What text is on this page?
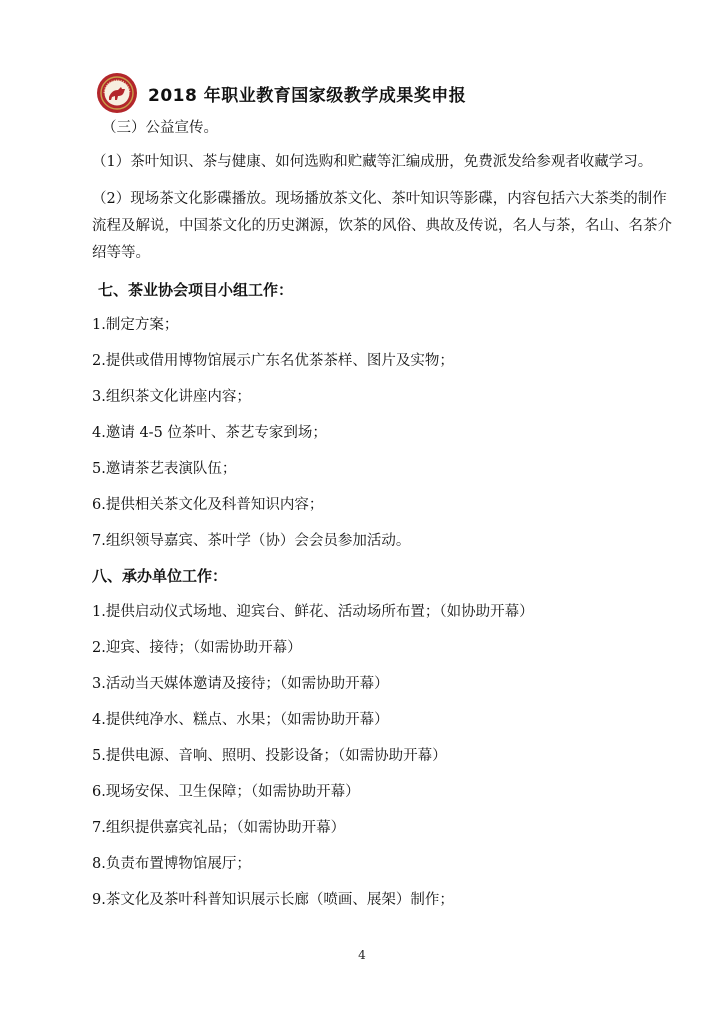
2018 年职业教育国家级教学成果奖申报
（三）公益宣传。
（1）茶叶知识、茶与健康、如何选购和贮藏等汇编成册，免费派发给参观者收藏学习。
（2）现场茶文化影碟播放。现场播放茶文化、茶叶知识等影碟，内容包括六大茶类的制作
流程及解说，中国茶文化的历史渊源，饮茶的风俗、典故及传说，名人与茶，名山、名茶介
绍等等。
七、茶业协会项目小组工作：
1.制定方案；
2.提供或借用博物馆展示广东名优茶茶样、图片及实物；
3.组织茶文化讲座内容；
4.邀请 4-5 位茶叶、茶艺专家到场；
5.邀请茶艺表演队伍；
6.提供相关茶文化及科普知识内容；
7.组织领导嘉宾、茶叶学（协）会会员参加活动。
八、承办单位工作：
1.提供启动仪式场地、迎宾台、鲜花、活动场所布置；（如协助开幕）
2.迎宾、接待；（如需协助开幕）
3.活动当天媒体邀请及接待；（如需协助开幕）
4.提供纯净水、糕点、水果；（如需协助开幕）
5.提供电源、音响、照明、投影设备；（如需协助开幕）
6.现场安保、卫生保障；（如需协助开幕）
7.组织提供嘉宾礼品；（如需协助开幕）
8.负责布置博物馆展厅；
9.茶文化及茶叶科普知识展示长廊（喷画、展架）制作；
4
